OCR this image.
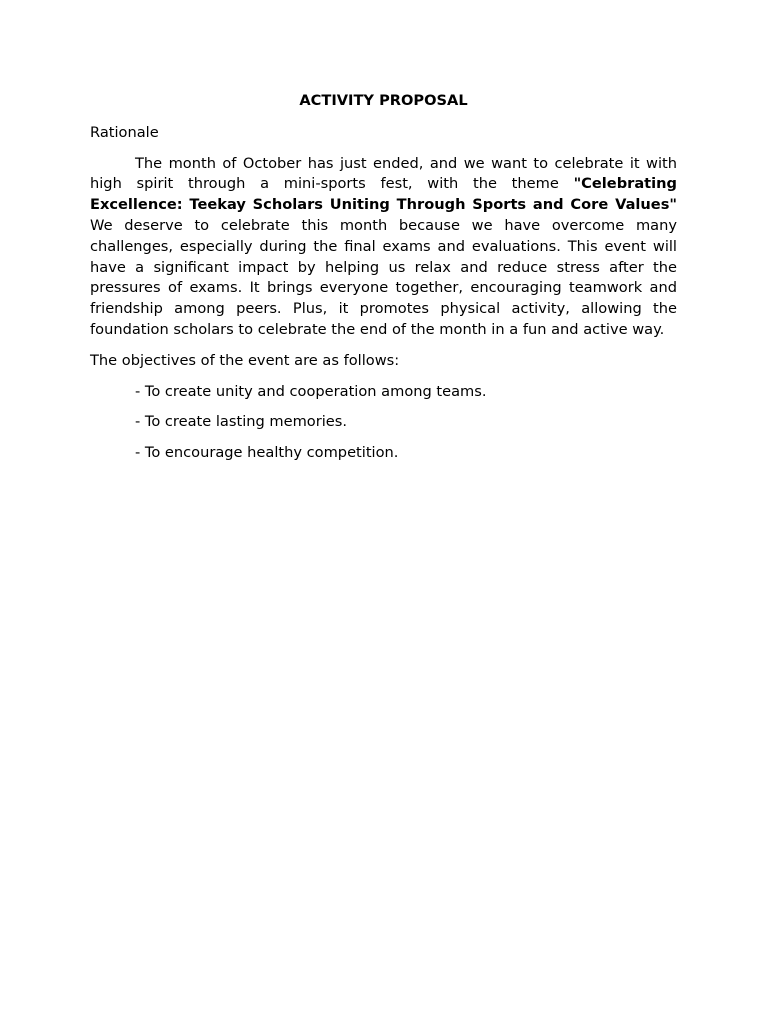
ACTIVITY PROPOSAL
Rationale

The month of October has just ended, and we want to celebrate it with high spirit through a mini-sports fest, with the theme "Celebrating Excellence: Teekay Scholars Uniting Through Sports and Core Values" We deserve to celebrate this month because we have overcome many challenges, especially during the final exams and evaluations. This event will have a significant impact by helping us relax and reduce stress after the pressures of exams. It brings everyone together, encouraging teamwork and friendship among peers. Plus, it promotes physical activity, allowing the foundation scholars to celebrate the end of the month in a fun and active way.

The objectives of the event are as follows:
- To create unity and cooperation among teams.
- To create lasting memories.
- To encourage healthy competition.
